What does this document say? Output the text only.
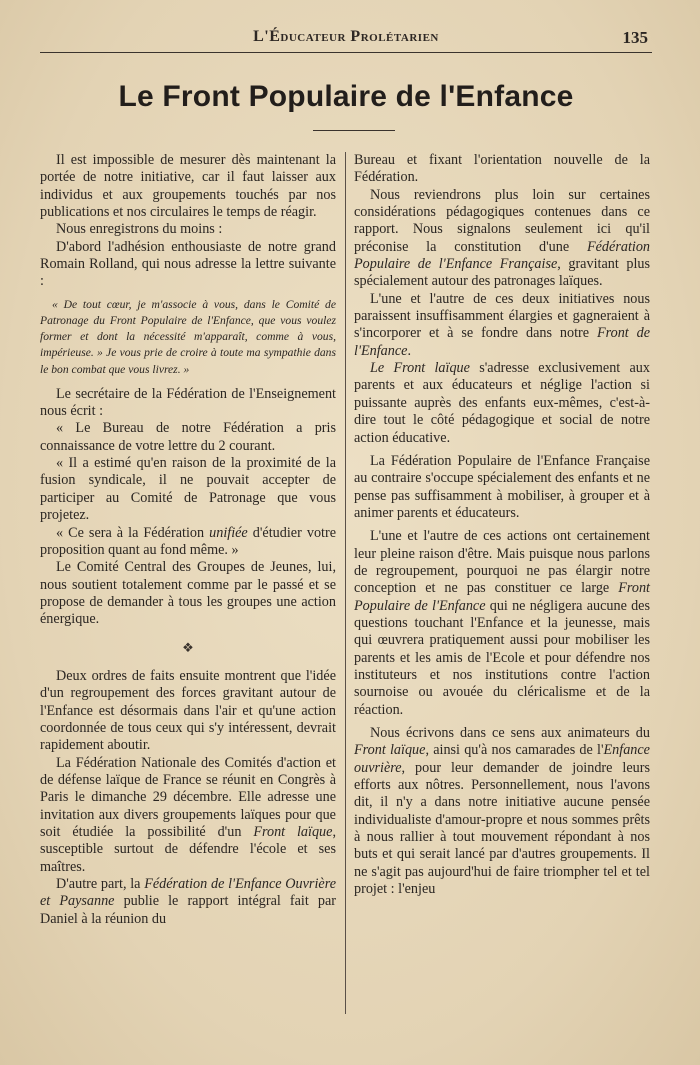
L'Éducateur Prolétarien	135
Le Front Populaire de l'Enfance

Il est impossible de mesurer dès maintenant la portée de notre initiative, car il faut laisser aux individus et aux groupements touchés par nos publications et nos circulaires le temps de réagir.

Nous enregistrons du moins :

D'abord l'adhésion enthousiaste de notre grand Romain Rolland, qui nous adresse la lettre suivante :

« De tout cœur, je m'associe à vous, dans le Comité de Patronage du Front Populaire de l'Enfance, que vous voulez former et dont la nécessité m'apparaît, comme à vous, impérieuse. » Je vous prie de croire à toute ma sympathie dans le bon combat que vous livrez. »

Le secrétaire de la Fédération de l'Enseignement nous écrit :

« Le Bureau de notre Fédération a pris connaissance de votre lettre du 2 courant.

« Il a estimé qu'en raison de la proximité de la fusion syndicale, il ne pouvait accepter de participer au Comité de Patronage que vous projetez.

« Ce sera à la Fédération unifiée d'étudier votre proposition quant au fond même. »

Le Comité Central des Groupes de Jeunes, lui, nous soutient totalement comme par le passé et se propose de demander à tous les groupes une action énergique.

❖

Deux ordres de faits ensuite montrent que l'idée d'un regroupement des forces gravitant autour de l'Enfance est désormais dans l'air et qu'une action coordonnée de tous ceux qui s'y intéressent, devrait rapidement aboutir.

La Fédération Nationale des Comités d'action et de défense laïque de France se réunit en Congrès à Paris le dimanche 29 décembre. Elle adresse une invitation aux divers groupements laïques pour que soit étudiée la possibilité d'un Front laïque, susceptible surtout de défendre l'école et ses maîtres.

D'autre part, la Fédération de l'Enfance Ouvrière et Paysanne publie le rapport intégral fait par Daniel à la réunion du

Bureau et fixant l'orientation nouvelle de la Fédération.

Nous reviendrons plus loin sur certaines considérations pédagogiques contenues dans ce rapport. Nous signalons seulement ici qu'il préconise la constitution d'une Fédération Populaire de l'Enfance Française, gravitant plus spécialement autour des patronages laïques.

L'une et l'autre de ces deux initiatives nous paraissent insuffisamment élargies et gagneraient à s'incorporer et à se fondre dans notre Front de l'Enfance.

Le Front laïque s'adresse exclusivement aux parents et aux éducateurs et néglige l'action si puissante auprès des enfants eux-mêmes, c'est-à-dire tout le côté pédagogique et social de notre action éducative.

La Fédération Populaire de l'Enfance Française au contraire s'occupe spécialement des enfants et ne pense pas suffisamment à mobiliser, à grouper et à animer parents et éducateurs.

L'une et l'autre de ces actions ont certainement leur pleine raison d'être. Mais puisque nous parlons de regroupement, pourquoi ne pas élargir notre conception et ne pas constituer ce large Front Populaire de l'Enfance qui ne négligera aucune des questions touchant l'Enfance et la jeunesse, mais qui œuvrera pratiquement aussi pour mobiliser les parents et les amis de l'Ecole et pour défendre nos instituteurs et nos institutions contre l'action sournoise ou avouée du cléricalisme et de la réaction.

Nous écrivons dans ce sens aux animateurs du Front laïque, ainsi qu'à nos camarades de l'Enfance ouvrière, pour leur demander de joindre leurs efforts aux nôtres. Personnellement, nous l'avons dit, il n'y a dans notre initiative aucune pensée individualiste d'amour-propre et nous sommes prêts à nous rallier à tout mouvement répondant à nos buts et qui serait lancé par d'autres groupements. Il ne s'agit pas aujourd'hui de faire triompher tel et tel projet : l'enjeu
